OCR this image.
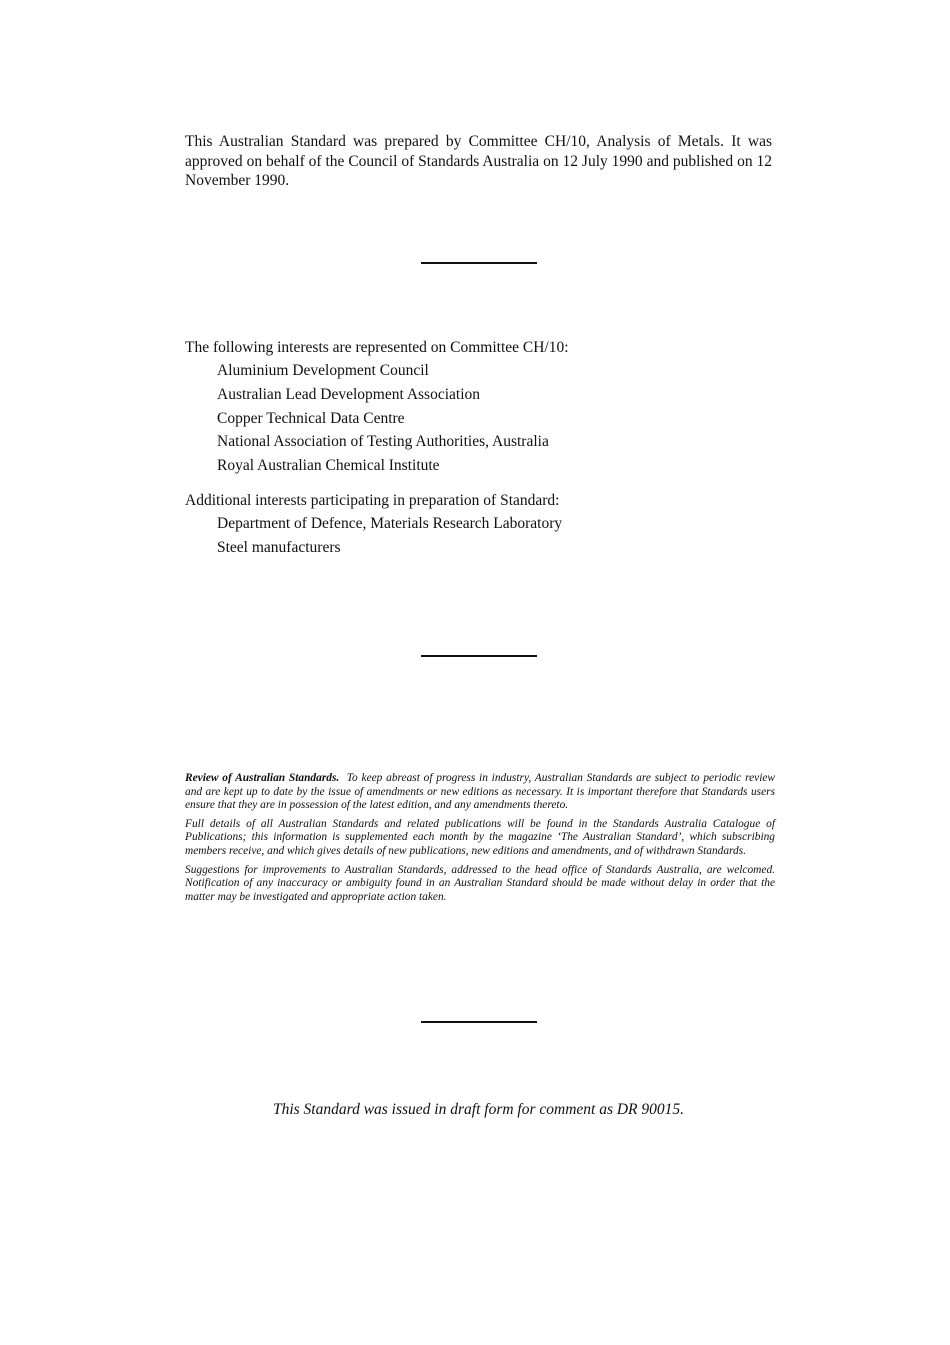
This Australian Standard was prepared by Committee CH/10, Analysis of Metals. It was approved on behalf of the Council of Standards Australia on 12 July 1990 and published on 12 November 1990.

The following interests are represented on Committee CH/10:

Aluminium Development Council
Australian Lead Development Association
Copper Technical Data Centre
National Association of Testing Authorities, Australia
Royal Australian Chemical Institute

Additional interests participating in preparation of Standard:

Department of Defence, Materials Research Laboratory
Steel manufacturers

Review of Australian Standards. To keep abreast of progress in industry, Australian Standards are subject to periodic review and are kept up to date by the issue of amendments or new editions as necessary. It is important therefore that Standards users ensure that they are in possession of the latest edition, and any amendments thereto.

Full details of all Australian Standards and related publications will be found in the Standards Australia Catalogue of Publications; this information is supplemented each month by the magazine ‘The Australian Standard’, which subscribing members receive, and which gives details of new publications, new editions and amendments, and of withdrawn Standards.

Suggestions for improvements to Australian Standards, addressed to the head office of Standards Australia, are welcomed. Notification of any inaccuracy or ambiguity found in an Australian Standard should be made without delay in order that the matter may be investigated and appropriate action taken.

This Standard was issued in draft form for comment as DR 90015.
